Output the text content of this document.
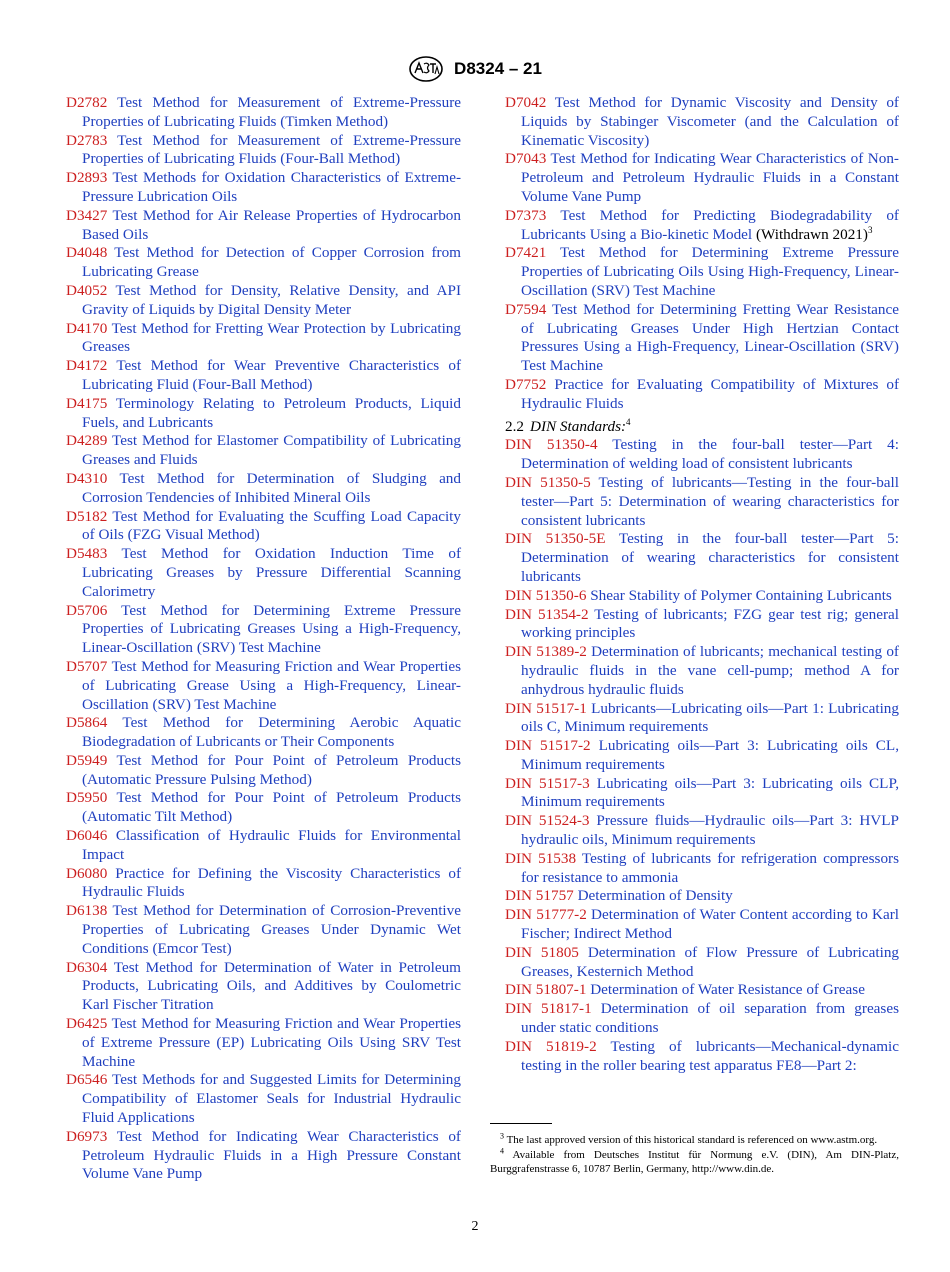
D8324 – 21

D2782 Test Method for Measurement of Extreme-Pressure Properties of Lubricating Fluids (Timken Method)

D2783 Test Method for Measurement of Extreme-Pressure Properties of Lubricating Fluids (Four-Ball Method)

D2893 Test Methods for Oxidation Characteristics of Extreme-Pressure Lubrication Oils

D3427 Test Method for Air Release Properties of Hydrocarbon Based Oils

D4048 Test Method for Detection of Copper Corrosion from Lubricating Grease

D4052 Test Method for Density, Relative Density, and API Gravity of Liquids by Digital Density Meter

D4170 Test Method for Fretting Wear Protection by Lubricating Greases

D4172 Test Method for Wear Preventive Characteristics of Lubricating Fluid (Four-Ball Method)

D4175 Terminology Relating to Petroleum Products, Liquid Fuels, and Lubricants

D4289 Test Method for Elastomer Compatibility of Lubricating Greases and Fluids

D4310 Test Method for Determination of Sludging and Corrosion Tendencies of Inhibited Mineral Oils

D5182 Test Method for Evaluating the Scuffing Load Capacity of Oils (FZG Visual Method)

D5483 Test Method for Oxidation Induction Time of Lubricating Greases by Pressure Differential Scanning Calorimetry

D5706 Test Method for Determining Extreme Pressure Properties of Lubricating Greases Using a High-Frequency, Linear-Oscillation (SRV) Test Machine

D5707 Test Method for Measuring Friction and Wear Properties of Lubricating Grease Using a High-Frequency, Linear-Oscillation (SRV) Test Machine

D5864 Test Method for Determining Aerobic Aquatic Biodegradation of Lubricants or Their Components

D5949 Test Method for Pour Point of Petroleum Products (Automatic Pressure Pulsing Method)

D5950 Test Method for Pour Point of Petroleum Products (Automatic Tilt Method)

D6046 Classification of Hydraulic Fluids for Environmental Impact

D6080 Practice for Defining the Viscosity Characteristics of Hydraulic Fluids

D6138 Test Method for Determination of Corrosion-Preventive Properties of Lubricating Greases Under Dynamic Wet Conditions (Emcor Test)

D6304 Test Method for Determination of Water in Petroleum Products, Lubricating Oils, and Additives by Coulometric Karl Fischer Titration

D6425 Test Method for Measuring Friction and Wear Properties of Extreme Pressure (EP) Lubricating Oils Using SRV Test Machine

D6546 Test Methods for and Suggested Limits for Determining Compatibility of Elastomer Seals for Industrial Hydraulic Fluid Applications

D6973 Test Method for Indicating Wear Characteristics of Petroleum Hydraulic Fluids in a High Pressure Constant Volume Vane Pump

D7042 Test Method for Dynamic Viscosity and Density of Liquids by Stabinger Viscometer (and the Calculation of Kinematic Viscosity)

D7043 Test Method for Indicating Wear Characteristics of Non-Petroleum and Petroleum Hydraulic Fluids in a Constant Volume Vane Pump

D7373 Test Method for Predicting Biodegradability of Lubricants Using a Bio-kinetic Model (Withdrawn 2021)$^3$

D7421 Test Method for Determining Extreme Pressure Properties of Lubricating Oils Using High-Frequency, Linear-Oscillation (SRV) Test Machine

D7594 Test Method for Determining Fretting Wear Resistance of Lubricating Greases Under High Hertzian Contact Pressures Using a High-Frequency, Linear-Oscillation (SRV) Test Machine

D7752 Practice for Evaluating Compatibility of Mixtures of Hydraulic Fluids

2.2 DIN Standards:$^4$

DIN 51350-4 Testing in the four-ball tester—Part 4: Determination of welding load of consistent lubricants

DIN 51350-5 Testing of lubricants—Testing in the four-ball tester—Part 5: Determination of wearing characteristics for consistent lubricants

DIN 51350-5E Testing in the four-ball tester—Part 5: Determination of wearing characteristics for consistent lubricants

DIN 51350-6 Shear Stability of Polymer Containing Lubricants

DIN 51354-2 Testing of lubricants; FZG gear test rig; general working principles

DIN 51389-2 Determination of lubricants; mechanical testing of hydraulic fluids in the vane cell-pump; method A for anhydrous hydraulic fluids

DIN 51517-1 Lubricants—Lubricating oils—Part 1: Lubricating oils C, Minimum requirements

DIN 51517-2 Lubricating oils—Part 3: Lubricating oils CL, Minimum requirements

DIN 51517-3 Lubricating oils—Part 3: Lubricating oils CLP, Minimum requirements

DIN 51524-3 Pressure fluids—Hydraulic oils—Part 3: HVLP hydraulic oils, Minimum requirements

DIN 51538 Testing of lubricants for refrigeration compressors for resistance to ammonia

DIN 51757 Determination of Density

DIN 51777-2 Determination of Water Content according to Karl Fischer; Indirect Method

DIN 51805 Determination of Flow Pressure of Lubricating Greases, Kesternich Method

DIN 51807-1 Determination of Water Resistance of Grease

DIN 51817-1 Determination of oil separation from greases under static conditions

DIN 51819-2 Testing of lubricants—Mechanical-dynamic testing in the roller bearing test apparatus FE8—Part 2:

$^3$ The last approved version of this historical standard is referenced on www.astm.org.

$^4$ Available from Deutsches Institut für Normung e.V. (DIN), Am DIN-Platz, Burggrafenstrasse 6, 10787 Berlin, Germany, http://www.din.de.

2
